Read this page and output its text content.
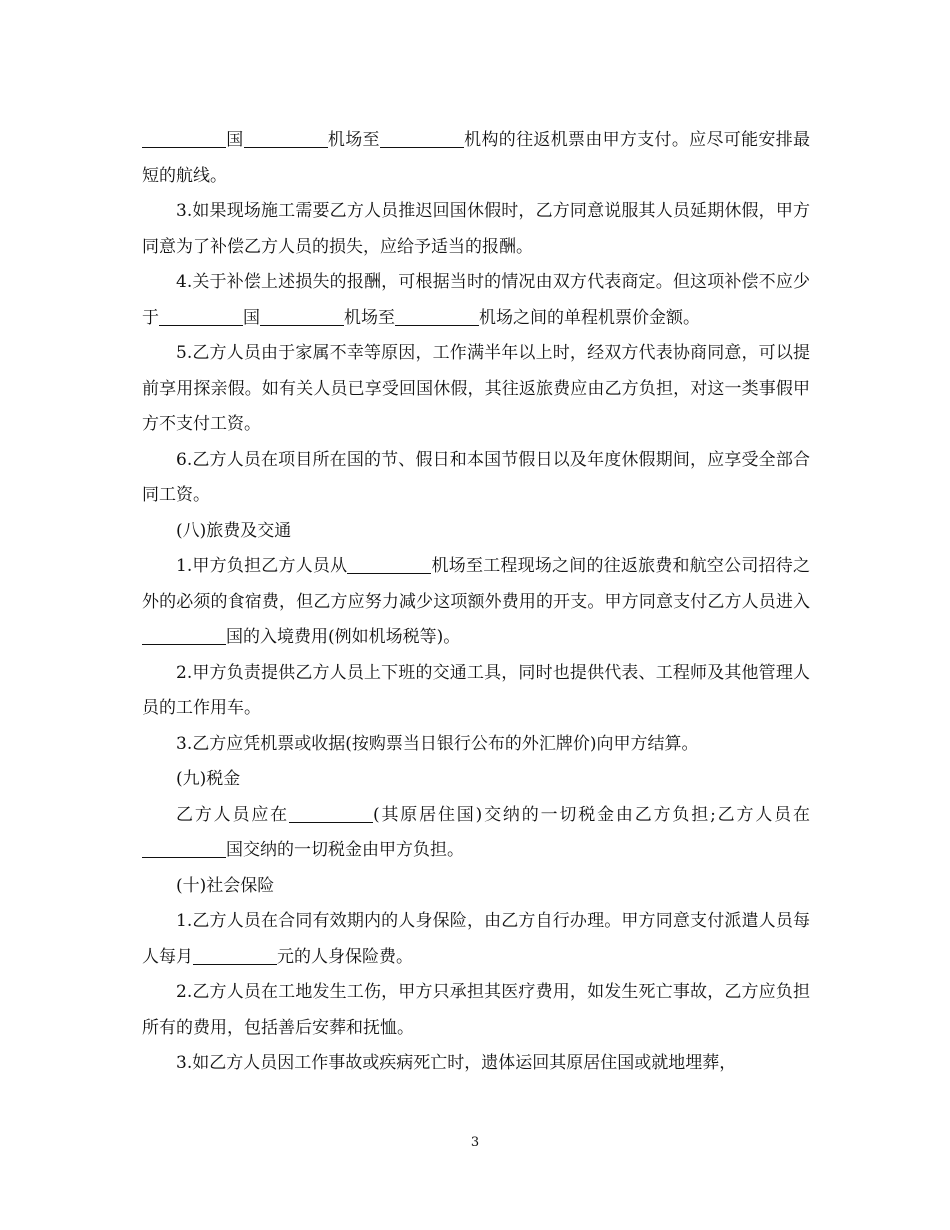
国	机场至	机构的往返机票由甲方支付。应尽可能安排最短的航线。

3.如果现场施工需要乙方人员推迟回国休假时，乙方同意说服其人员延期休假，甲方同意为了补偿乙方人员的损失，应给予适当的报酬。

4.关于补偿上述损失的报酬，可根据当时的情况由双方代表商定。但这项补偿不应少于	国	机场至	机场之间的单程机票价金额。

5.乙方人员由于家属不幸等原因，工作满半年以上时，经双方代表协商同意，可以提前享用探亲假。如有关人员已享受回国休假，其往返旅费应由乙方负担，对这一类事假甲方不支付工资。

6.乙方人员在项目所在国的节、假日和本国节假日以及年度休假期间，应享受全部合同工资。

(八)旅费及交通

1.甲方负担乙方人员从	机场至工程现场之间的往返旅费和航空公司招待之外的必须的食宿费，但乙方应努力减少这项额外费用的开支。甲方同意支付乙方人员进入国的入境费用(例如机场税等)。

2.甲方负责提供乙方人员上下班的交通工具，同时也提供代表、工程师及其他管理人员的工作用车。

3.乙方应凭机票或收据(按购票当日银行公布的外汇牌价)向甲方结算。

(九)税金

乙方人员应在	(其原居住国)交纳的一切税金由乙方负担;乙方人员在国交纳的一切税金由甲方负担。

(十)社会保险

1.乙方人员在合同有效期内的人身保险，由乙方自行办理。甲方同意支付派遣人员每人每月	元的人身保险费。

2.乙方人员在工地发生工伤，甲方只承担其医疗费用，如发生死亡事故，乙方应负担所有的费用，包括善后安葬和抚恤。

3.如乙方人员因工作事故或疾病死亡时，遗体运回其原居住国或就地埋葬，

3
